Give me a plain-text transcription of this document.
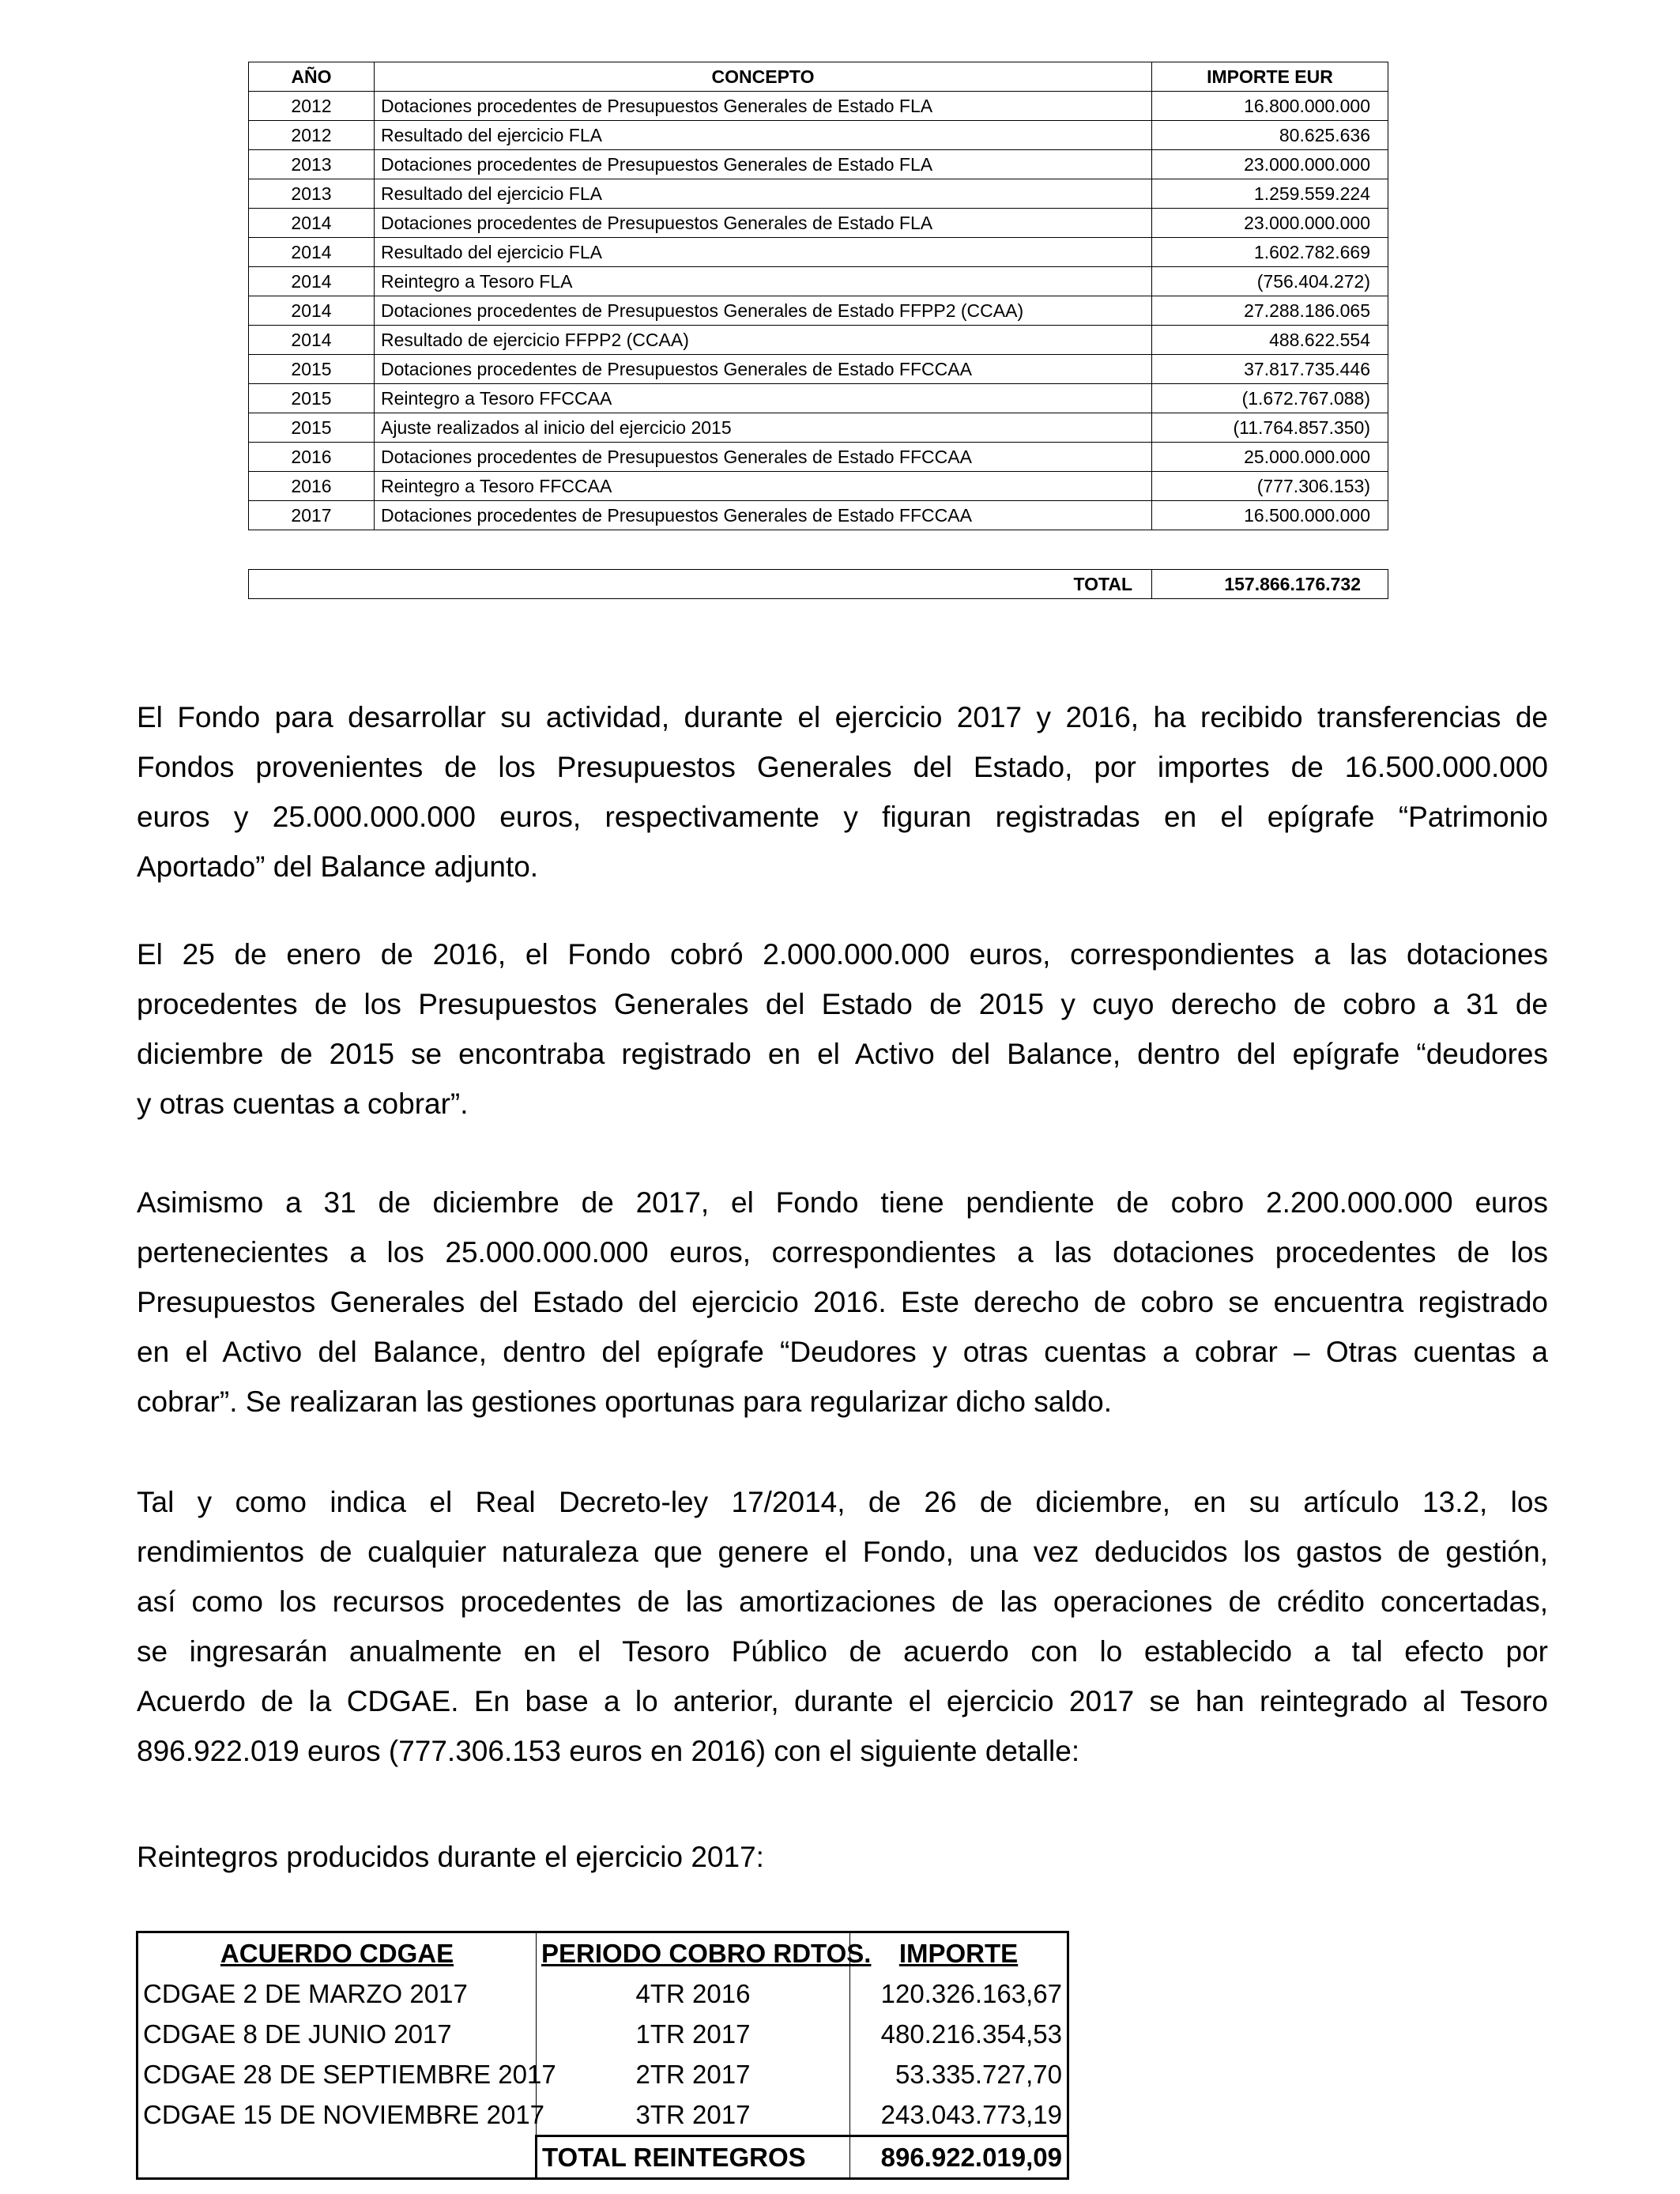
AÑO	CONCEPTO	IMPORTE EUR
2012	Dotaciones procedentes de Presupuestos Generales de Estado FLA	16.800.000.000
2012	Resultado del ejercicio FLA	80.625.636
2013	Dotaciones procedentes de Presupuestos Generales de Estado FLA	23.000.000.000
2013	Resultado del ejercicio FLA	1.259.559.224
2014	Dotaciones procedentes de Presupuestos Generales de Estado FLA	23.000.000.000
2014	Resultado del ejercicio FLA	1.602.782.669
2014	Reintegro a Tesoro FLA	(756.404.272)
2014	Dotaciones procedentes de Presupuestos Generales de Estado FFPP2 (CCAA)	27.288.186.065
2014	Resultado de ejercicio FFPP2 (CCAA)	488.622.554
2015	Dotaciones procedentes de Presupuestos Generales de Estado FFCCAA	37.817.735.446
2015	Reintegro a Tesoro FFCCAA	(1.672.767.088)
2015	Ajuste realizados al inicio del ejercicio 2015	(11.764.857.350)
2016	Dotaciones procedentes de Presupuestos Generales de Estado FFCCAA	25.000.000.000
2016	Reintegro a Tesoro FFCCAA	(777.306.153)
2017	Dotaciones procedentes de Presupuestos Generales de Estado FFCCAA	16.500.000.000
TOTAL	157.866.176.732
El Fondo para desarrollar su actividad, durante el ejercicio 2017 y 2016, ha recibido transferencias de
Fondos provenientes de los Presupuestos Generales del Estado, por importes de 16.500.000.000
euros y 25.000.000.000 euros, respectivamente y figuran registradas en el epígrafe “Patrimonio
Aportado” del Balance adjunto.
El 25 de enero de 2016, el Fondo cobró 2.000.000.000 euros, correspondientes a las dotaciones
procedentes de los Presupuestos Generales del Estado de 2015 y cuyo derecho de cobro a 31 de
diciembre de 2015 se encontraba registrado en el Activo del Balance, dentro del epígrafe “deudores
y otras cuentas a cobrar”.
Asimismo a 31 de diciembre de 2017, el Fondo tiene pendiente de cobro 2.200.000.000 euros
pertenecientes a los 25.000.000.000 euros, correspondientes a las dotaciones procedentes de los
Presupuestos Generales del Estado del ejercicio 2016. Este derecho de cobro se encuentra registrado
en el Activo del Balance, dentro del epígrafe “Deudores y otras cuentas a cobrar – Otras cuentas a
cobrar”. Se realizaran las gestiones oportunas para regularizar dicho saldo.
Tal y como indica el Real Decreto-ley 17/2014, de 26 de diciembre, en su artículo 13.2, los
rendimientos de cualquier naturaleza que genere el Fondo, una vez deducidos los gastos de gestión,
así como los recursos procedentes de las amortizaciones de las operaciones de crédito concertadas,
se ingresarán anualmente en el Tesoro Público de acuerdo con lo establecido a tal efecto por
Acuerdo de la CDGAE. En base a lo anterior, durante el ejercicio 2017 se han reintegrado al Tesoro
896.922.019 euros (777.306.153 euros en 2016) con el siguiente detalle:
Reintegros producidos durante el ejercicio 2017:
ACUERDO CDGAE	PERIODO COBRO RDTOS.	IMPORTE
CDGAE 2 DE MARZO 2017	4TR 2016	120.326.163,67
CDGAE 8 DE JUNIO 2017	1TR 2017	480.216.354,53
CDGAE 28 DE SEPTIEMBRE 2017	2TR 2017	53.335.727,70
CDGAE 15 DE NOVIEMBRE 2017	3TR 2017	243.043.773,19
	TOTAL REINTEGROS	896.922.019,09
